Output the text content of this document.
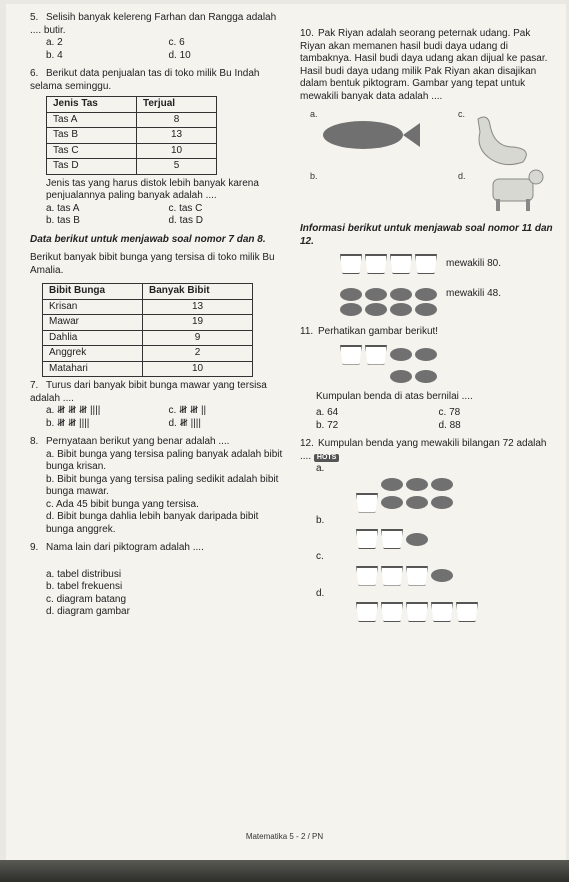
5. Selisih banyak kelereng Farhan dan Rangga adalah .... butir.
a. 2	c. 6
b. 4	d. 10
6. Berikut data penjualan tas di toko milik Bu Indah selama seminggu.
Jenis Tas	Terjual
Tas A	8
Tas B	13
Tas C	10
Tas D	5
Jenis tas yang harus distok lebih banyak karena penjualannya paling banyak adalah ....
a. tas A	c. tas C
b. tas B	d. tas D
Data berikut untuk menjawab soal nomor 7 dan 8.
Berikut banyak bibit bunga yang tersisa di toko milik Bu Amalia.
Bibit Bunga	Banyak Bibit
Krisan	13
Mawar	19
Dahlia	9
Anggrek	2
Matahari	10
7. Turus dari banyak bibit bunga mawar yang tersisa adalah ....
a. 𝍸 𝍸 𝍸 ||||	c. 𝍸 𝍸 ||
b. 𝍸 𝍸 ||||	d. 𝍸 ||||
8. Pernyataan berikut yang benar adalah ....
a. Bibit bunga yang tersisa paling banyak adalah bibit bunga krisan.
b. Bibit bunga yang tersisa paling sedikit adalah bibit bunga mawar.
c. Ada 45 bibit bunga yang tersisa.
d. Bibit bunga dahlia lebih banyak daripada bibit bunga anggrek.
9. Nama lain dari piktogram adalah ....
a. tabel distribusi
b. tabel frekuensi
c. diagram batang
d. diagram gambar
10. Pak Riyan adalah seorang peternak udang. Pak Riyan akan memanen hasil budi daya udang di tambaknya. Hasil budi daya udang akan dijual ke pasar. Hasil budi daya udang milik Pak Riyan akan disajikan dalam bentuk piktogram. Gambar yang tepat untuk mewakili banyak data adalah ....
a.	c.
b.	d.
Informasi berikut untuk menjawab soal nomor 11 dan 12.
mewakili 80.
mewakili 48.
11. Perhatikan gambar berikut!
Kumpulan benda di atas bernilai ....
a. 64	c. 78
b. 72	d. 88
12. Kumpulan benda yang mewakili bilangan 72 adalah .... HOTS
a.
b.
c.
d.
Matematika 5 - 2 / PN
